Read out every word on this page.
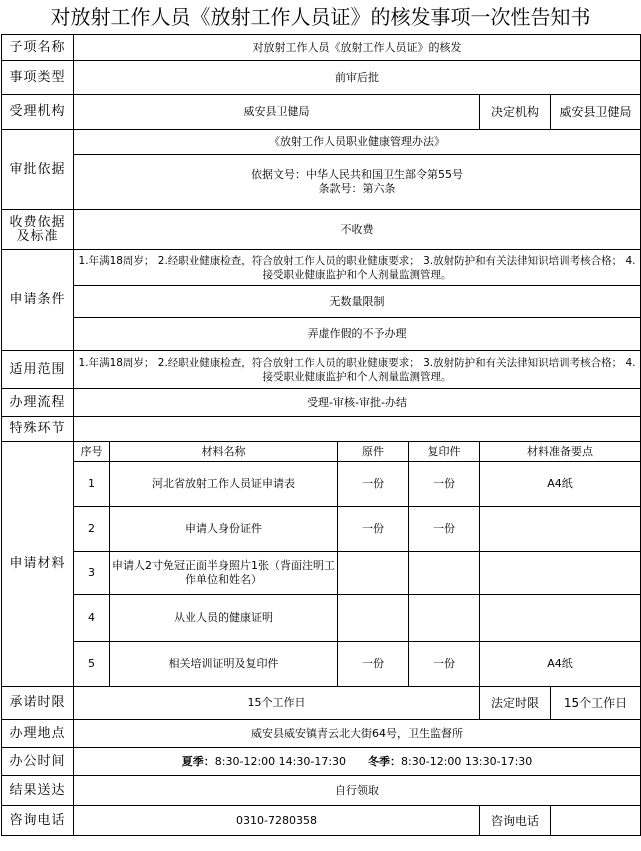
对放射工作人员《放射工作人员证》的核发事项一次性告知书
子项名称	对放射工作人员《放射工作人员证》的核发					
事项类型	前审后批					
受理机构	威安县卫健局				决定机构	威安县卫健局
审批依据	《放射工作人员职业健康管理办法》					

	依据文号：中华人民共和国卫生部令第55号
条款号：第六条					

收费依据及标准	不收费					
申请条件	1.年满18周岁； 2.经职业健康检查，符合放射工作人员的职业健康要求； 3.放射防护和有关法律知识培训考核合格； 4.接受职业健康监护和个人剂量监测管理。					
	无数量限制					
	弄虚作假的不予办理					
适用范围	1.年满18周岁； 2.经职业健康检查，符合放射工作人员的职业健康要求； 3.放射防护和有关法律知识培训考核合格； 4.接受职业健康监护和个人剂量监测管理。					
办理流程	受理-审核-审批-办结					
特殊环节						
申请材料	序号	材料名称	原件	复印件	材料准备要点	
	1	河北省放射工作人员证申请表	一份	一份	A4纸	
	2	申请人身份证件	一份	一份		
	3	申请人2寸免冠正面半身照片1张（背面注明工作单位和姓名）				
	4	从业人员的健康证明				
	5	相关培训证明及复印件	一份	一份	A4纸	
承诺时限	15个工作日				法定时限	15个工作日
办理地点	威安县威安镇青云北大街64号，卫生监督所					
办公时间	夏季：8:30-12:00 14:30-17:30 冬季：8:30-12:00 13:30-17:30					
结果送达	自行领取					
咨询电话	0310-7280358				咨询电话	
